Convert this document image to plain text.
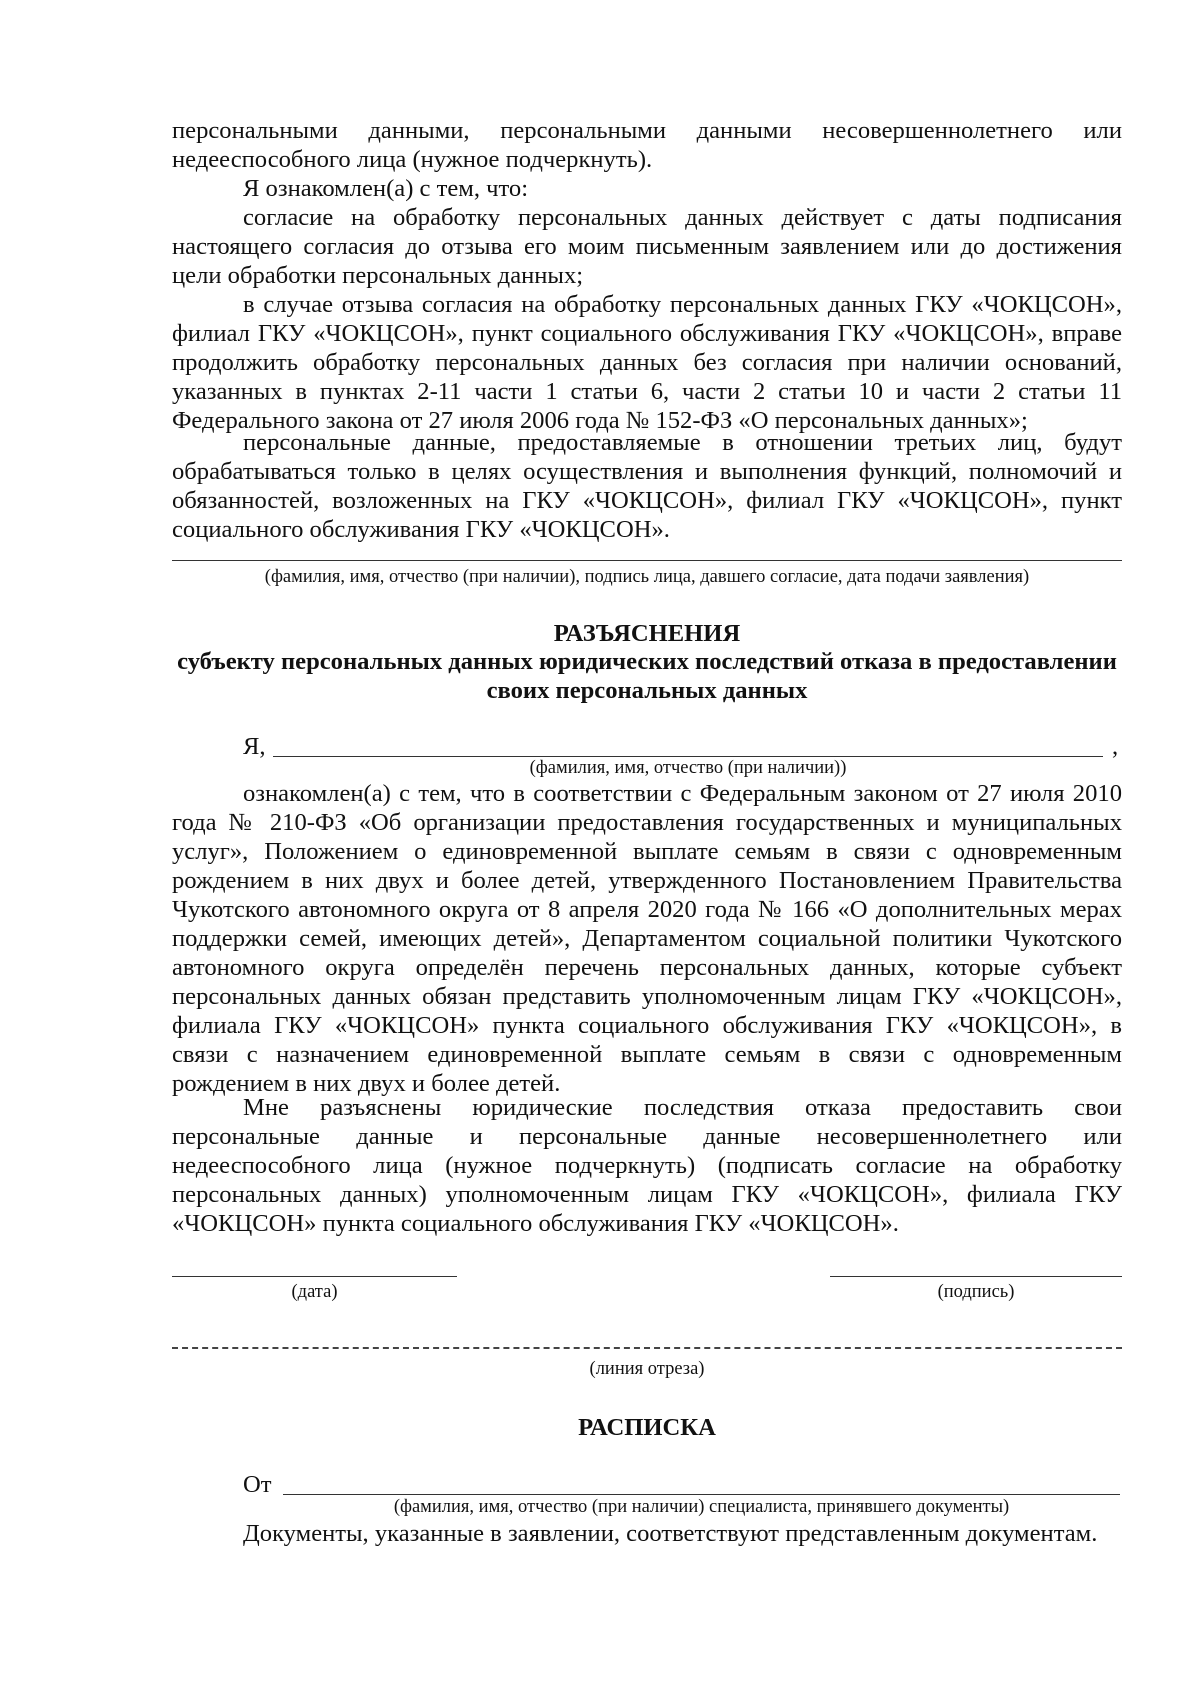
персональными данными, персональными данными несовершеннолетнего или недееспособного лица (нужное подчеркнуть).

Я ознакомлен(а) с тем, что:

согласие на обработку персональных данных действует с даты подписания настоящего согласия до отзыва его моим письменным заявлением или до достижения цели обработки персональных данных;

в случае отзыва согласия на обработку персональных данных ГКУ «ЧОКЦСОН», филиал ГКУ «ЧОКЦСОН», пункт социального обслуживания ГКУ «ЧОКЦСОН», вправе продолжить обработку персональных данных без согласия при наличии оснований, указанных в пунктах 2-11 части 1 статьи 6, части 2 статьи 10 и части 2 статьи 11 Федерального закона от 27 июля 2006 года № 152-ФЗ «О персональных данных»;

персональные данные, предоставляемые в отношении третьих лиц, будут обрабатываться только в целях осуществления и выполнения функций, полномочий и обязанностей, возложенных на ГКУ «ЧОКЦСОН», филиал ГКУ «ЧОКЦСОН», пункт социального обслуживания ГКУ «ЧОКЦСОН».

(фамилия, имя, отчество (при наличии), подпись лица, давшего согласие, дата подачи заявления)

РАЗЪЯСНЕНИЯ

субъекту персональных данных юридических последствий отказа в предоставлении своих персональных данных

Я,	,

(фамилия, имя, отчество (при наличии))

ознакомлен(а) с тем, что в соответствии с Федеральным законом от 27 июля 2010 года № 210-ФЗ «Об организации предоставления государственных и муниципальных услуг», Положением о единовременной выплате семьям в связи с одновременным рождением в них двух и более детей, утвержденного Постановлением Правительства Чукотского автономного округа от 8 апреля 2020 года № 166 «О дополнительных мерах поддержки семей, имеющих детей», Департаментом социальной политики Чукотского автономного округа определён перечень персональных данных, которые субъект персональных данных обязан представить уполномоченным лицам ГКУ «ЧОКЦСОН», филиала ГКУ «ЧОКЦСОН» пункта социального обслуживания ГКУ «ЧОКЦСОН», в связи с назначением единовременной выплате семьям в связи с одновременным рождением в них двух и более детей.

Мне разъяснены юридические последствия отказа предоставить свои персональные данные и персональные данные несовершеннолетнего или недееспособного лица (нужное подчеркнуть) (подписать согласие на обработку персональных данных) уполномоченным лицам ГКУ «ЧОКЦСОН», филиала ГКУ «ЧОКЦСОН» пункта социального обслуживания ГКУ «ЧОКЦСОН».

(дата)	(подпись)

(линия отреза)

РАСПИСКА

От

(фамилия, имя, отчество (при наличии) специалиста, принявшего документы)

Документы, указанные в заявлении, соответствуют представленным документам.
